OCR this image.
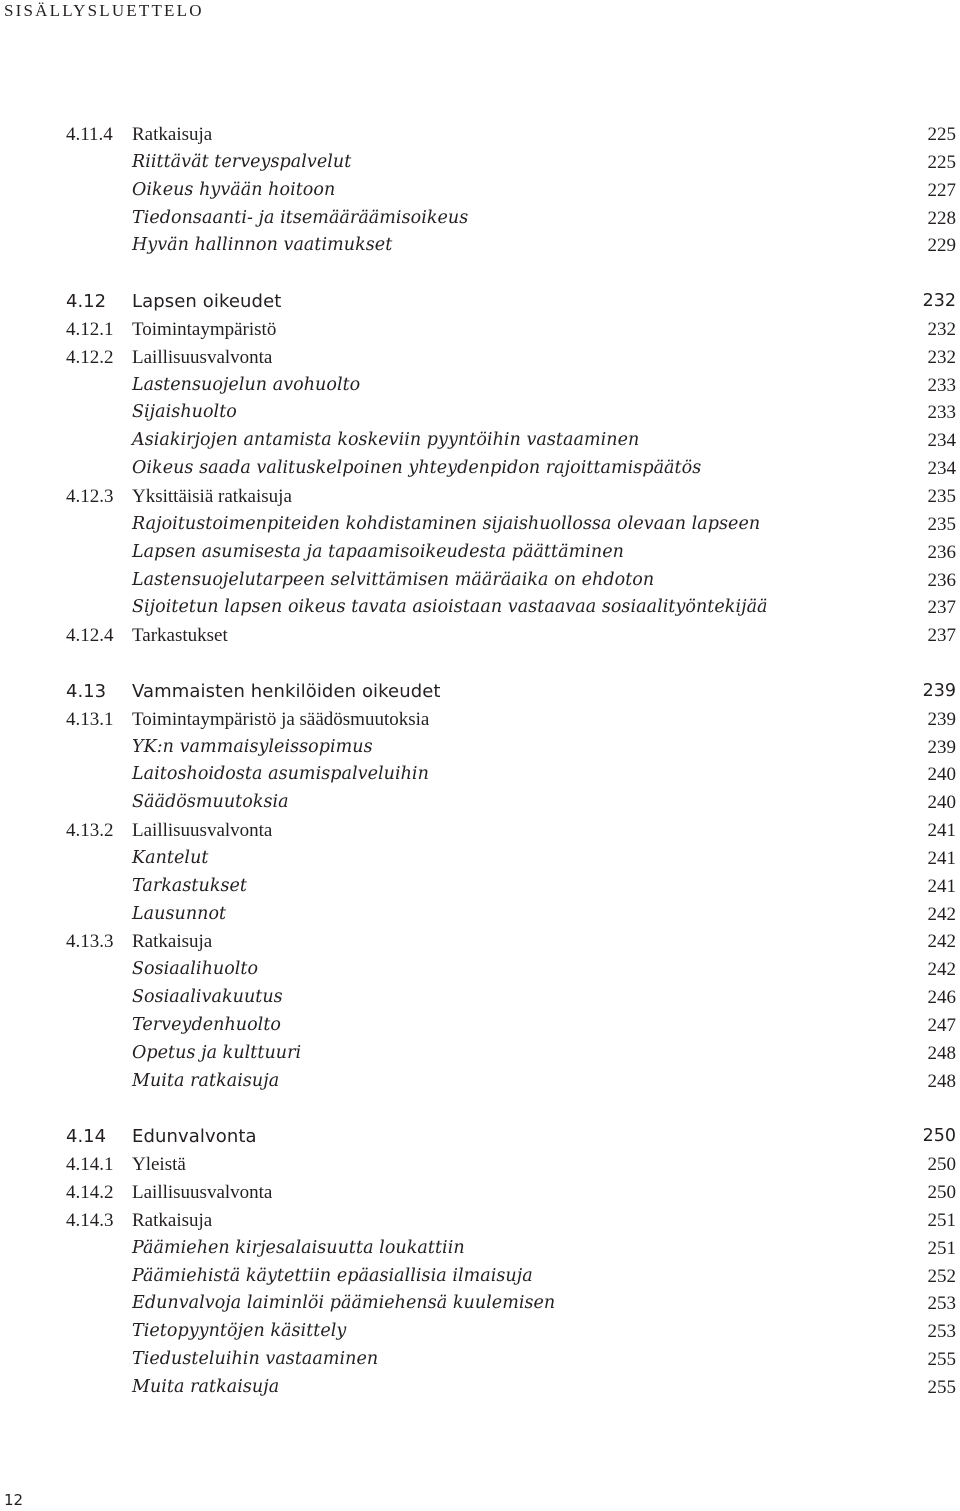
SISÄLLYSLUETTELO
4.11.4 Ratkaisuja	225
Riittävät terveyspalvelut	225
Oikeus hyvään hoitoon	227
Tiedonsaanti- ja itsemääräämisoikeus	228
Hyvän hallinnon vaatimukset	229
4.12 Lapsen oikeudet	232
4.12.1 Toimintaympäristö	232
4.12.2 Laillisuusvalvonta	232
Lastensuojelun avohuolto	233
Sijaishuolto	233
Asiakirjojen antamista koskeviin pyyntöihin vastaaminen	234
Oikeus saada valituskelpoinen yhteydenpidon rajoittamispäätös	234
4.12.3 Yksittäisiä ratkaisuja	235
Rajoitustoimenpiteiden kohdistaminen sijaishuollossa olevaan lapseen	235
Lapsen asumisesta ja tapaamisoikeudesta päättäminen	236
Lastensuojelutarpeen selvittämisen määräaika on ehdoton	236
Sijoitetun lapsen oikeus tavata asioistaan vastaavaa sosiaalityöntekijää	237
4.12.4 Tarkastukset	237
4.13 Vammaisten henkilöiden oikeudet	239
4.13.1 Toimintaympäristö ja säädösmuutoksia	239
YK:n vammaisyleissopimus	239
Laitoshoidosta asumispalveluihin	240
Säädösmuutoksia	240
4.13.2 Laillisuusvalvonta	241
Kantelut	241
Tarkastukset	241
Lausunnot	242
4.13.3 Ratkaisuja	242
Sosiaalihuolto	242
Sosiaalivakuutus	246
Terveydenhuolto	247
Opetus ja kulttuuri	248
Muita ratkaisuja	248
4.14 Edunvalvonta	250
4.14.1 Yleistä	250
4.14.2 Laillisuusvalvonta	250
4.14.3 Ratkaisuja	251
Päämiehen kirjesalaisuutta loukattiin	251
Päämiehistä käytettiin epäasiallisia ilmaisuja	252
Edunvalvoja laiminlöi päämiehensä kuulemisen	253
Tietopyyntöjen käsittely	253
Tiedusteluihin vastaaminen	255
Muita ratkaisuja	255
12
